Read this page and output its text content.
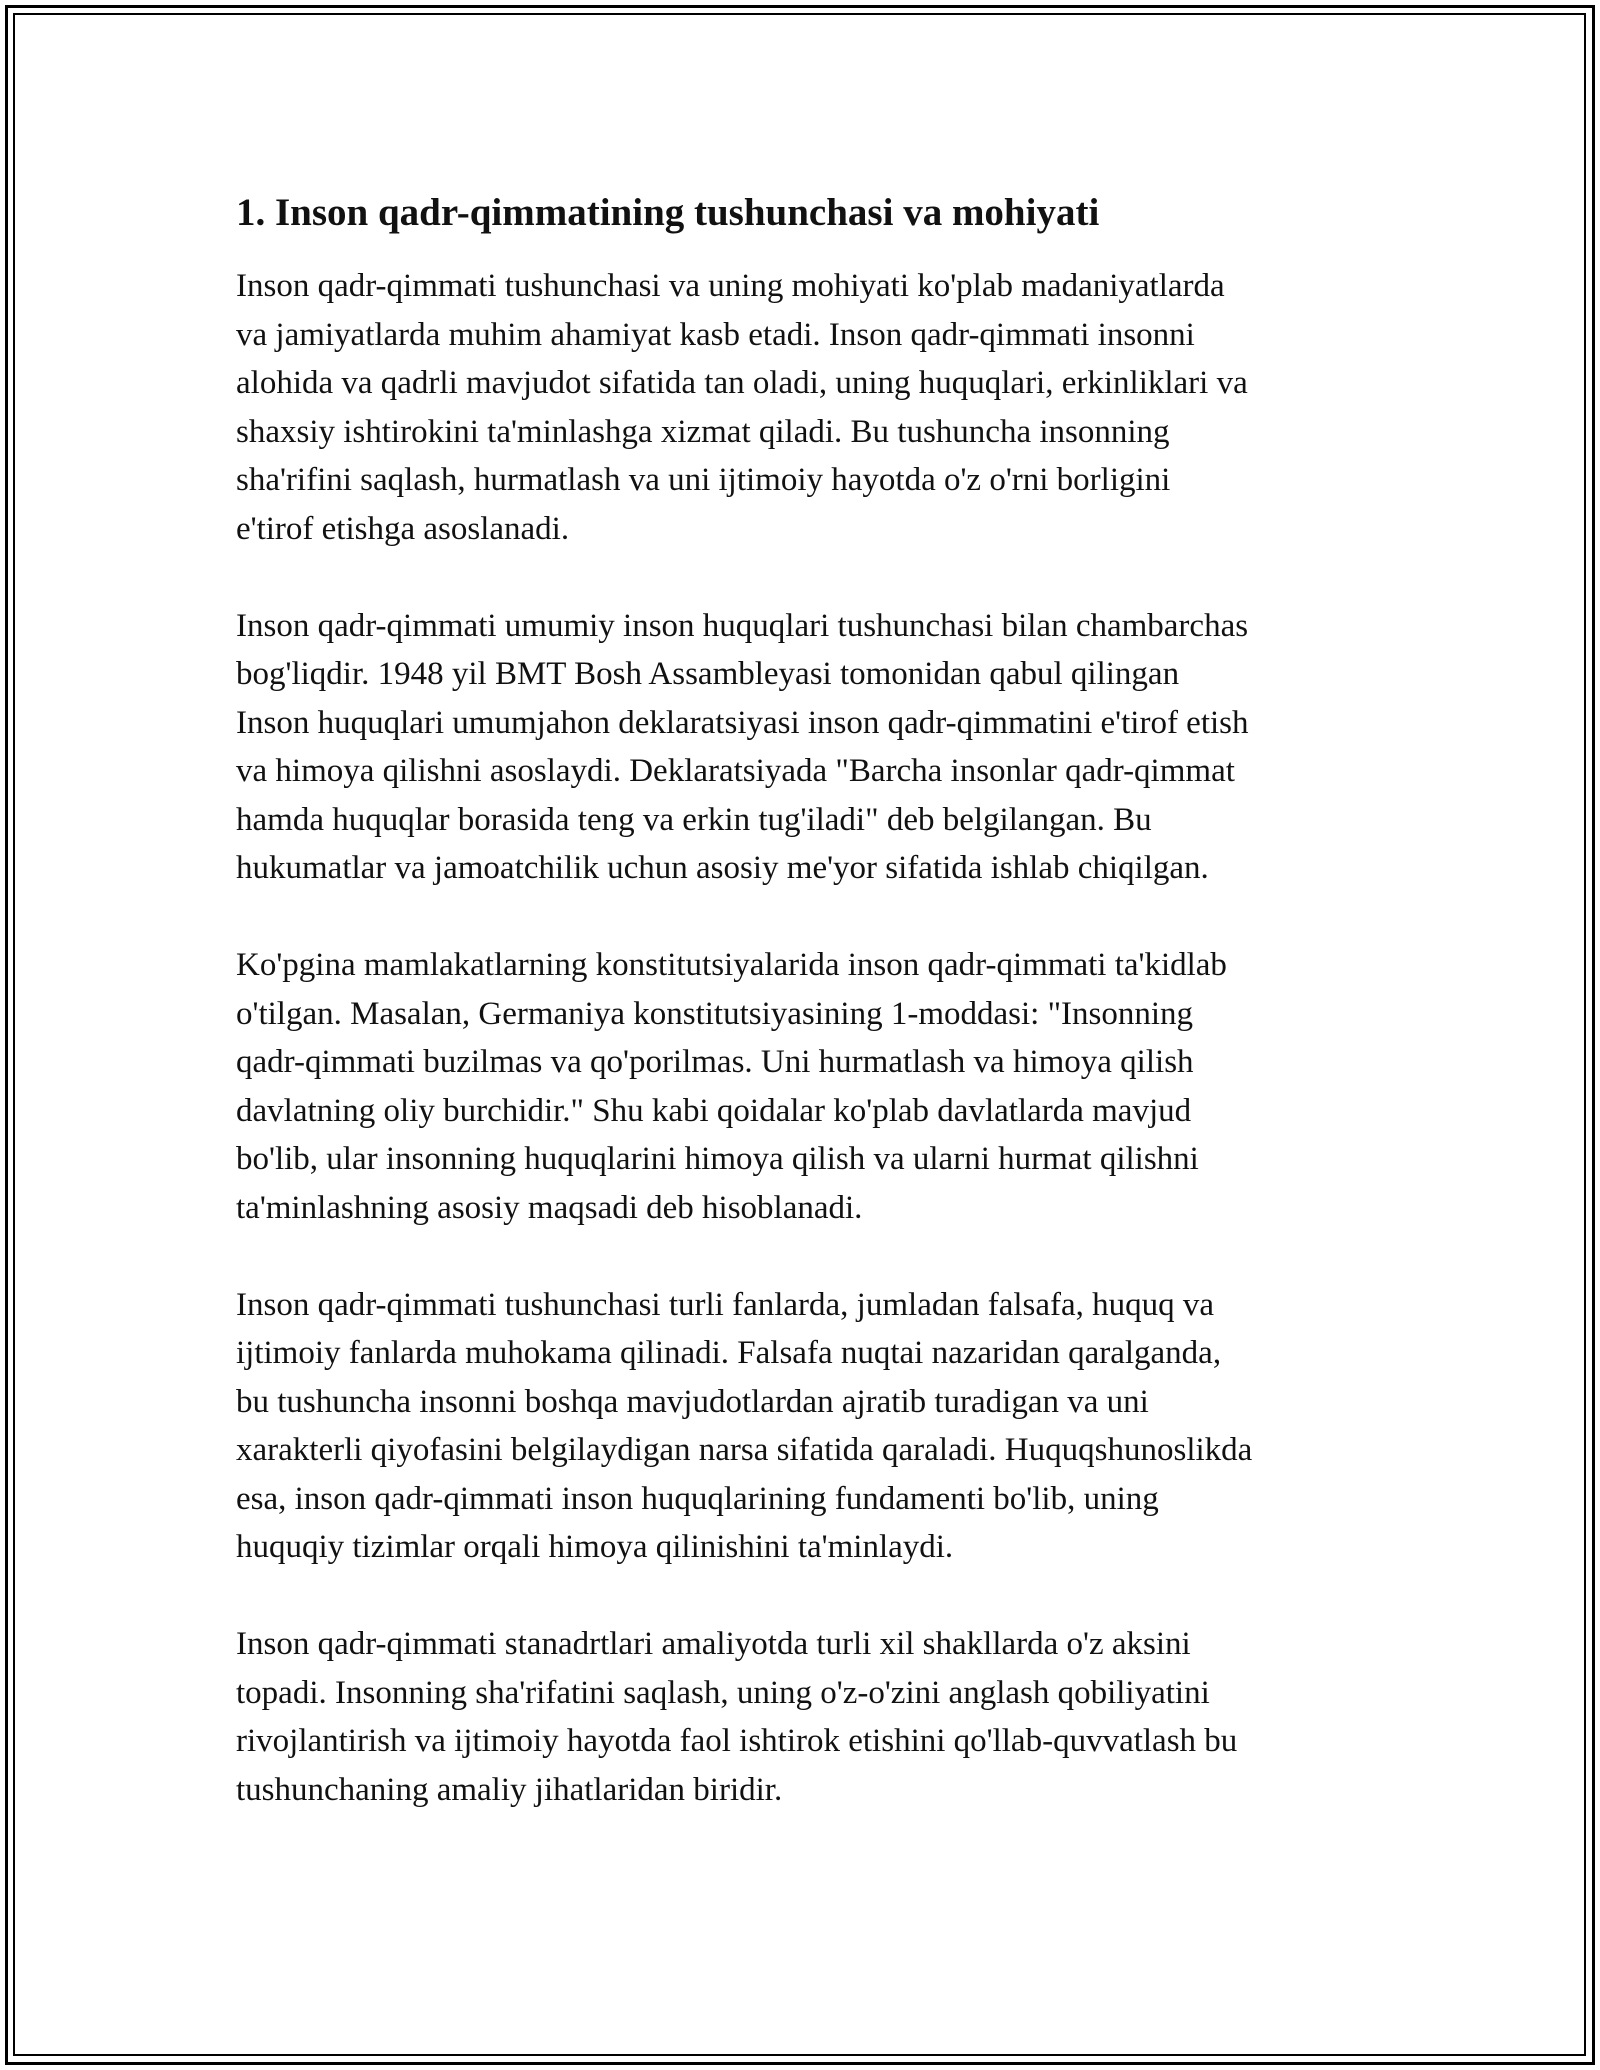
1. Inson qadr-qimmatining tushunchasi va mohiyati
Inson qadr-qimmati tushunchasi va uning mohiyati ko'plab madaniyatlarda
va jamiyatlarda muhim ahamiyat kasb etadi. Inson qadr-qimmati insonni
alohida va qadrli mavjudot sifatida tan oladi, uning huquqlari, erkinliklari va
shaxsiy ishtirokini ta'minlashga xizmat qiladi. Bu tushuncha insonning
sha'rifini saqlash, hurmatlash va uni ijtimoiy hayotda o'z o'rni borligini
e'tirof etishga asoslanadi.
Inson qadr-qimmati umumiy inson huquqlari tushunchasi bilan chambarchas
bog'liqdir. 1948 yil BMT Bosh Assambleyasi tomonidan qabul qilingan
Inson huquqlari umumjahon deklaratsiyasi inson qadr-qimmatini e'tirof etish
va himoya qilishni asoslaydi. Deklaratsiyada "Barcha insonlar qadr-qimmat
hamda huquqlar borasida teng va erkin tug'iladi" deb belgilangan. Bu
hukumatlar va jamoatchilik uchun asosiy me'yor sifatida ishlab chiqilgan.
Ko'pgina mamlakatlarning konstitutsiyalarida inson qadr-qimmati ta'kidlab
o'tilgan. Masalan, Germaniya konstitutsiyasining 1-moddasi: "Insonning
qadr-qimmati buzilmas va qo'porilmas. Uni hurmatlash va himoya qilish
davlatning oliy burchidir." Shu kabi qoidalar ko'plab davlatlarda mavjud
bo'lib, ular insonning huquqlarini himoya qilish va ularni hurmat qilishni
ta'minlashning asosiy maqsadi deb hisoblanadi.
Inson qadr-qimmati tushunchasi turli fanlarda, jumladan falsafa, huquq va
ijtimoiy fanlarda muhokama qilinadi. Falsafa nuqtai nazaridan qaralganda,
bu tushuncha insonni boshqa mavjudotlardan ajratib turadigan va uni
xarakterli qiyofasini belgilaydigan narsa sifatida qaraladi. Huquqshunoslikda
esa, inson qadr-qimmati inson huquqlarining fundamenti bo'lib, uning
huquqiy tizimlar orqali himoya qilinishini ta'minlaydi.
Inson qadr-qimmati stanadrtlari amaliyotda turli xil shakllarda o'z aksini
topadi. Insonning sha'rifatini saqlash, uning o'z-o'zini anglash qobiliyatini
rivojlantirish va ijtimoiy hayotda faol ishtirok etishini qo'llab-quvvatlash bu
tushunchaning amaliy jihatlaridan biridir.
